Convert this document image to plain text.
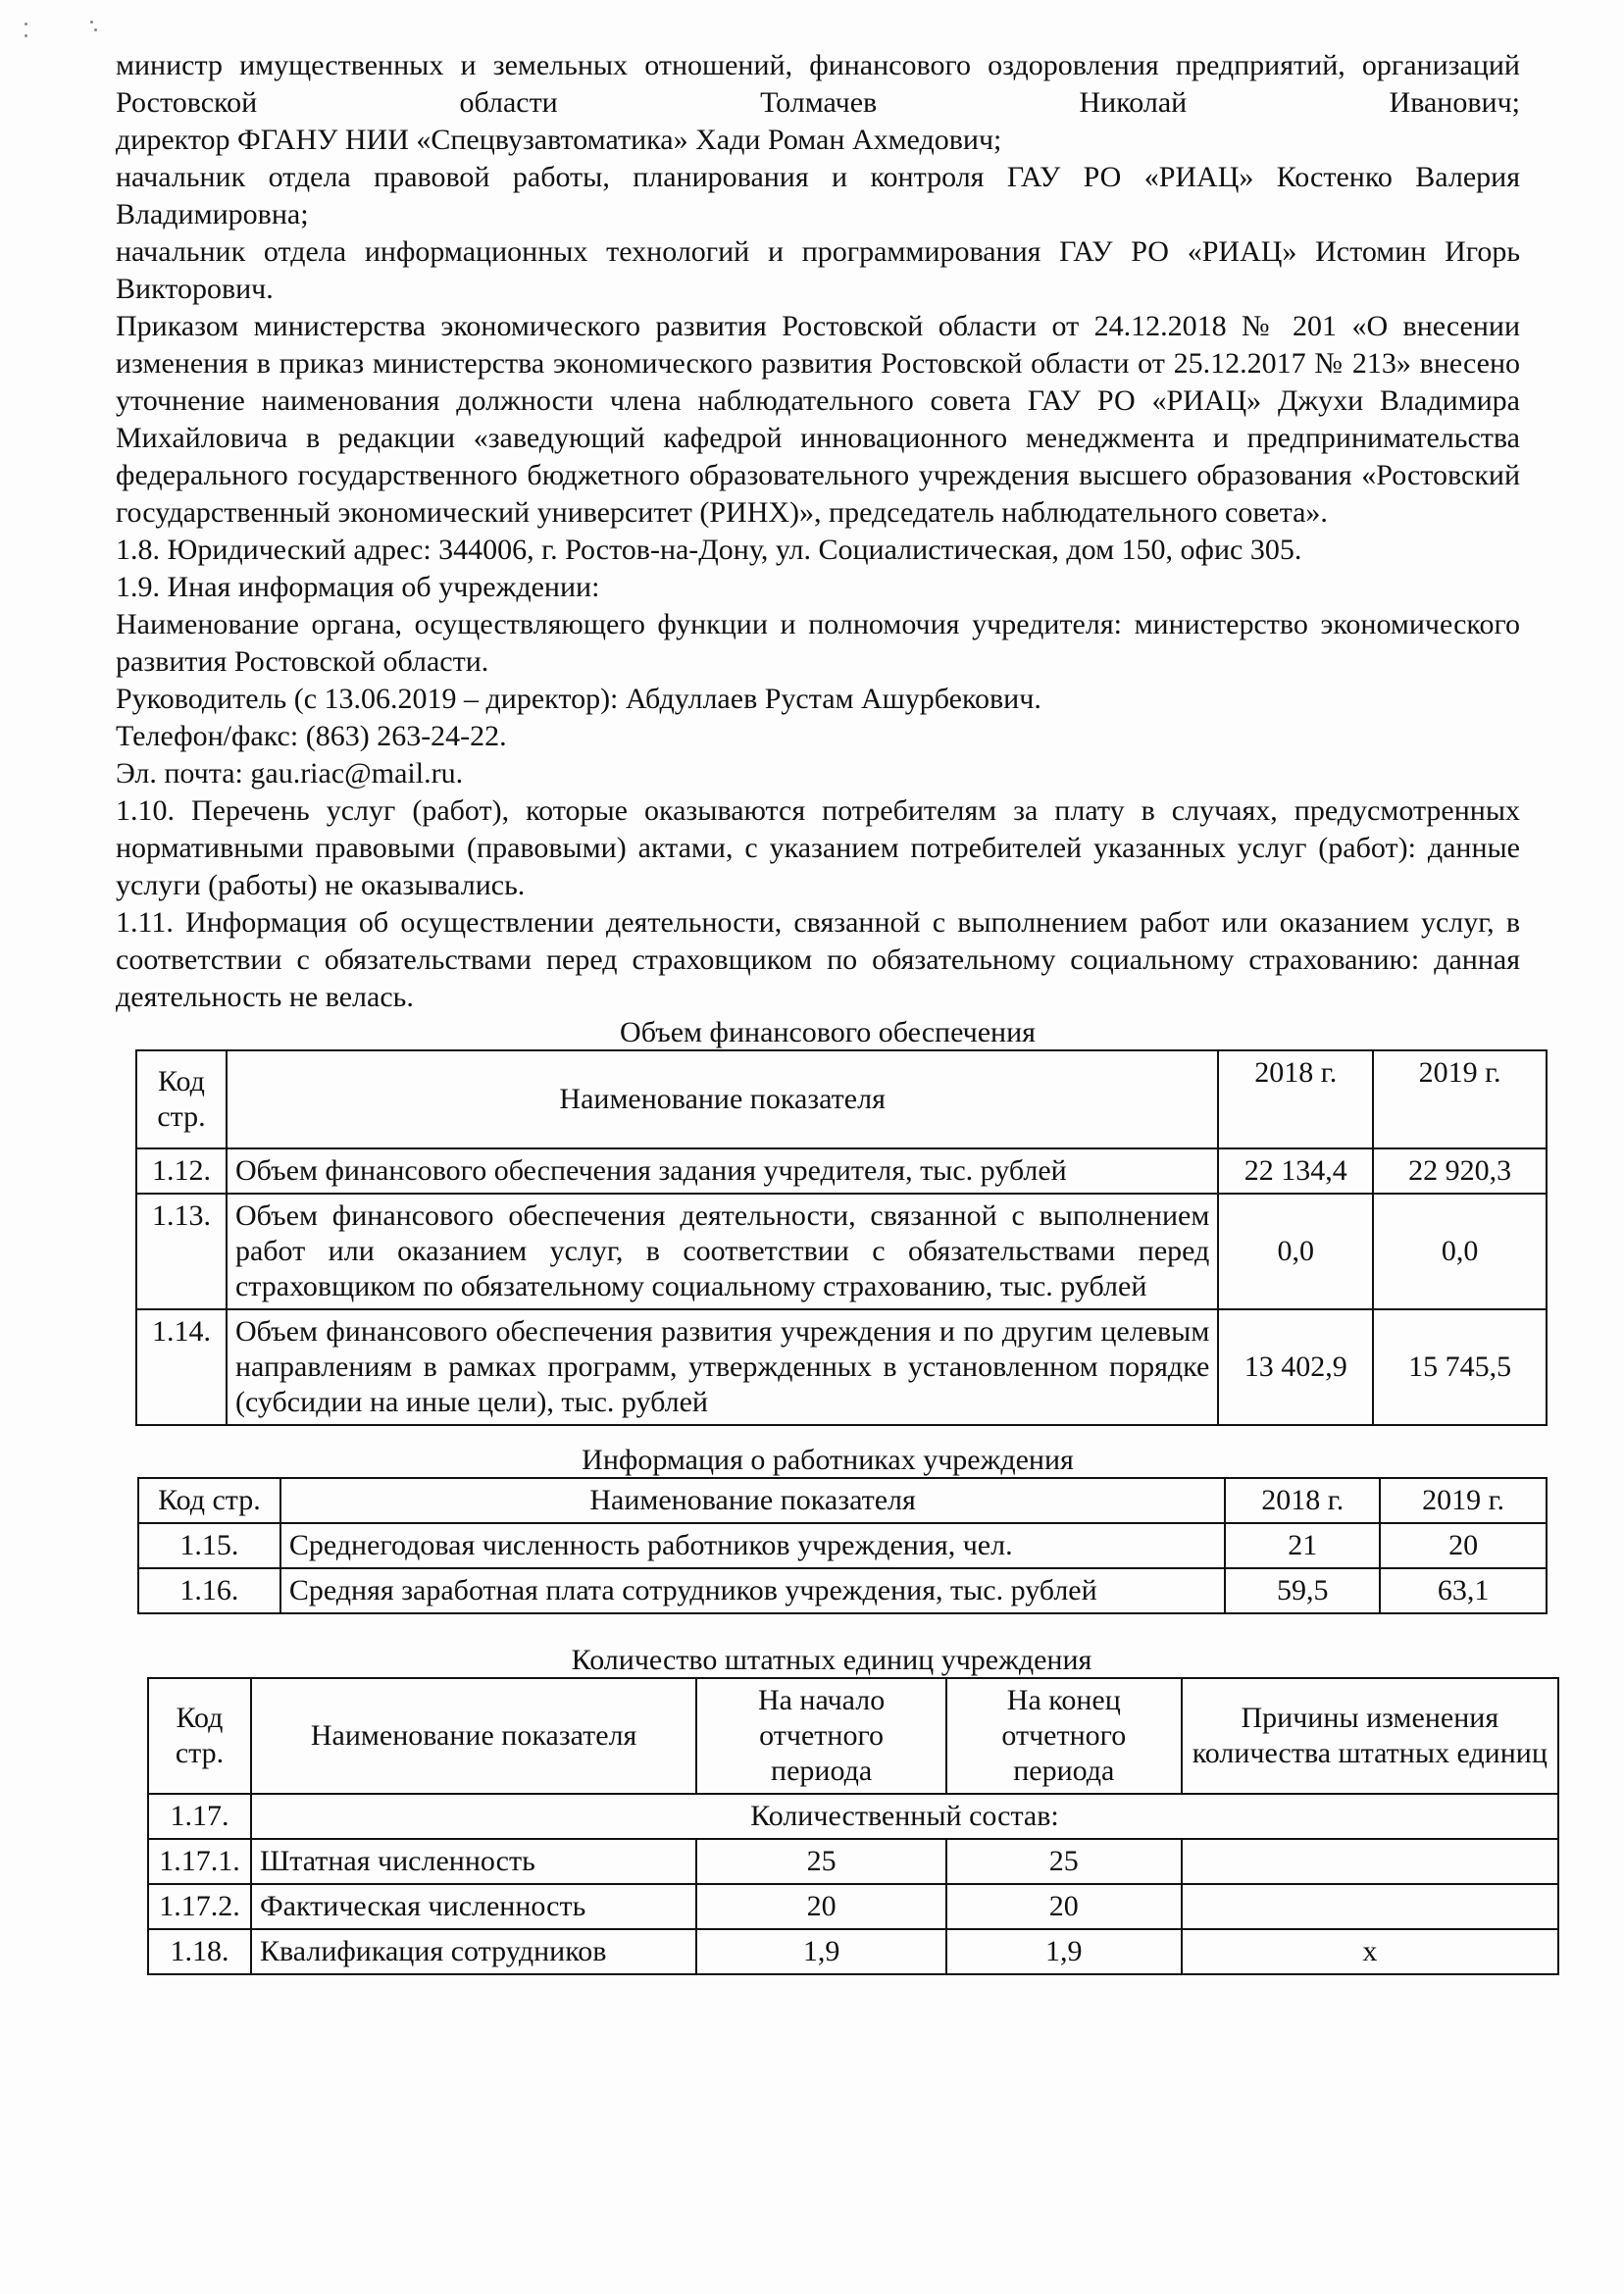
министр имущественных и земельных отношений, финансового оздоровления предприятий, организаций Ростовской области Толмачев Николай Иванович;

директор ФГАНУ НИИ «Спецвузавтоматика» Хади Роман Ахмедович;

начальник отдела правовой работы, планирования и контроля ГАУ РО «РИАЦ» Костенко Валерия Владимировна;

начальник отдела информационных технологий и программирования ГАУ РО «РИАЦ» Истомин Игорь Викторович.

Приказом министерства экономического развития Ростовской области от 24.12.2018 № 201 «О внесении изменения в приказ министерства экономического развития Ростовской области от 25.12.2017 № 213» внесено уточнение наименования должности члена наблюдательного совета ГАУ РО «РИАЦ» Джухи Владимира Михайловича в редакции «заведующий кафедрой инновационного менеджмента и предпринимательства федерального государственного бюджетного образовательного учреждения высшего образования «Ростовский государственный экономический университет (РИНХ)», председатель наблюдательного совета».

1.8. Юридический адрес: 344006, г. Ростов-на-Дону, ул. Социалистическая, дом 150, офис 305.

1.9. Иная информация об учреждении:

Наименование органа, осуществляющего функции и полномочия учредителя: министерство экономического развития Ростовской области.

Руководитель (с 13.06.2019 – директор): Абдуллаев Рустам Ашурбекович.

Телефон/факс: (863) 263-24-22.

Эл. почта: gau.riac@mail.ru.

1.10. Перечень услуг (работ), которые оказываются потребителям за плату в случаях, предусмотренных нормативными правовыми (правовыми) актами, с указанием потребителей указанных услуг (работ): данные услуги (работы) не оказывались.

1.11. Информация об осуществлении деятельности, связанной с выполнением работ или оказанием услуг, в соответствии с обязательствами перед страховщиком по обязательному социальному страхованию: данная деятельность не велась.

Объем финансового обеспечения

Код стр.	Наименование показателя	2018 г.	2019 г.
1.12.	Объем финансового обеспечения задания учредителя, тыс. рублей	22 134,4	22 920,3
1.13.	Объем финансового обеспечения деятельности, связанной с выполнением работ или оказанием услуг, в соответствии с обязательствами перед страховщиком по обязательному социальному страхованию, тыс. рублей	0,0	0,0
1.14.	Объем финансового обеспечения развития учреждения и по другим целевым направлениям в рамках программ, утвержденных в установленном порядке (субсидии на иные цели), тыс. рублей	13 402,9	15 745,5

Информация о работниках учреждения

Код стр.	Наименование показателя	2018 г.	2019 г.
1.15.	Среднегодовая численность работников учреждения, чел.	21	20
1.16.	Средняя заработная плата сотрудников учреждения, тыс. рублей	59,5	63,1

Количество штатных единиц учреждения

Код стр.	Наименование показателя	На начало отчетного периода	На конец отчетного периода	Причины изменения количества штатных единиц
1.17.	Количественный состав:			
1.17.1.	Штатная численность	25	25	
1.17.2.	Фактическая численность	20	20	
1.18.	Квалификация сотрудников	1,9	1,9	x
